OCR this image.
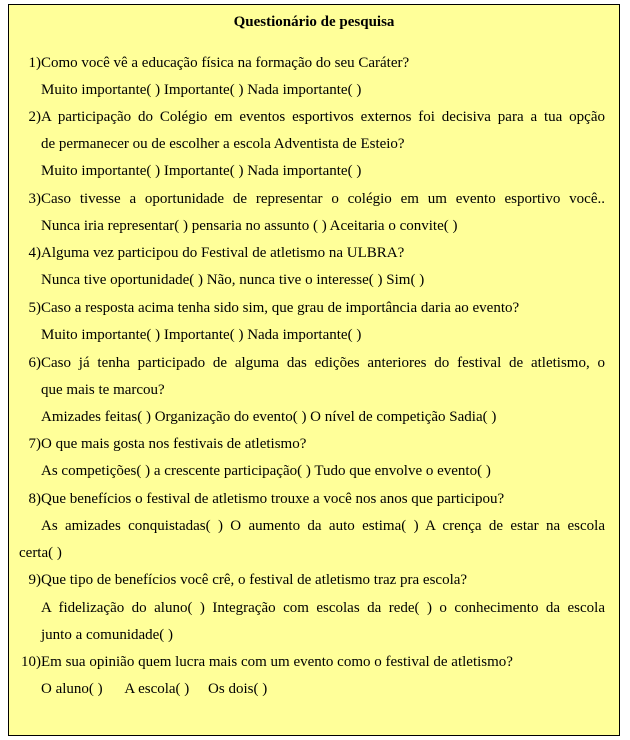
Questionário de pesquisa
1) Como você vê a educação física na formação do seu Caráter?
Muito importante( ) Importante( ) Nada importante( )
2) A participação do Colégio em eventos esportivos externos foi decisiva para a tua opção
de permanecer ou de escolher a escola Adventista de Esteio?
Muito importante( ) Importante( ) Nada importante( )
3) Caso tivesse a oportunidade de representar o colégio em um evento esportivo você..
Nunca iria representar( ) pensaria no assunto ( ) Aceitaria o convite( )
4) Alguma vez participou do Festival de atletismo na ULBRA?
Nunca tive oportunidade( ) Não, nunca tive o interesse( ) Sim( )
5) Caso a resposta acima tenha sido sim, que grau de importância daria ao evento?
Muito importante( ) Importante( ) Nada importante( )
6) Caso já tenha participado de alguma das edições anteriores do festival de atletismo, o
que mais te marcou?
Amizades feitas( ) Organização do evento( ) O nível de competição Sadia( )
7) O que mais gosta nos festivais de atletismo?
As competições( ) a crescente participação( ) Tudo que envolve o evento( )
8) Que benefícios o festival de atletismo trouxe a você nos anos que participou?
As amizades conquistadas( ) O aumento da auto estima( ) A crença de estar na escola
certa( )
9) Que tipo de benefícios você crê, o festival de atletismo traz pra escola?
A fidelização do aluno( ) Integração com escolas da rede( ) o conhecimento da escola
junto a comunidade( )
10) Em sua opinião quem lucra mais com um evento como o festival de atletismo?
O aluno( )      A escola( )     Os dois( )
